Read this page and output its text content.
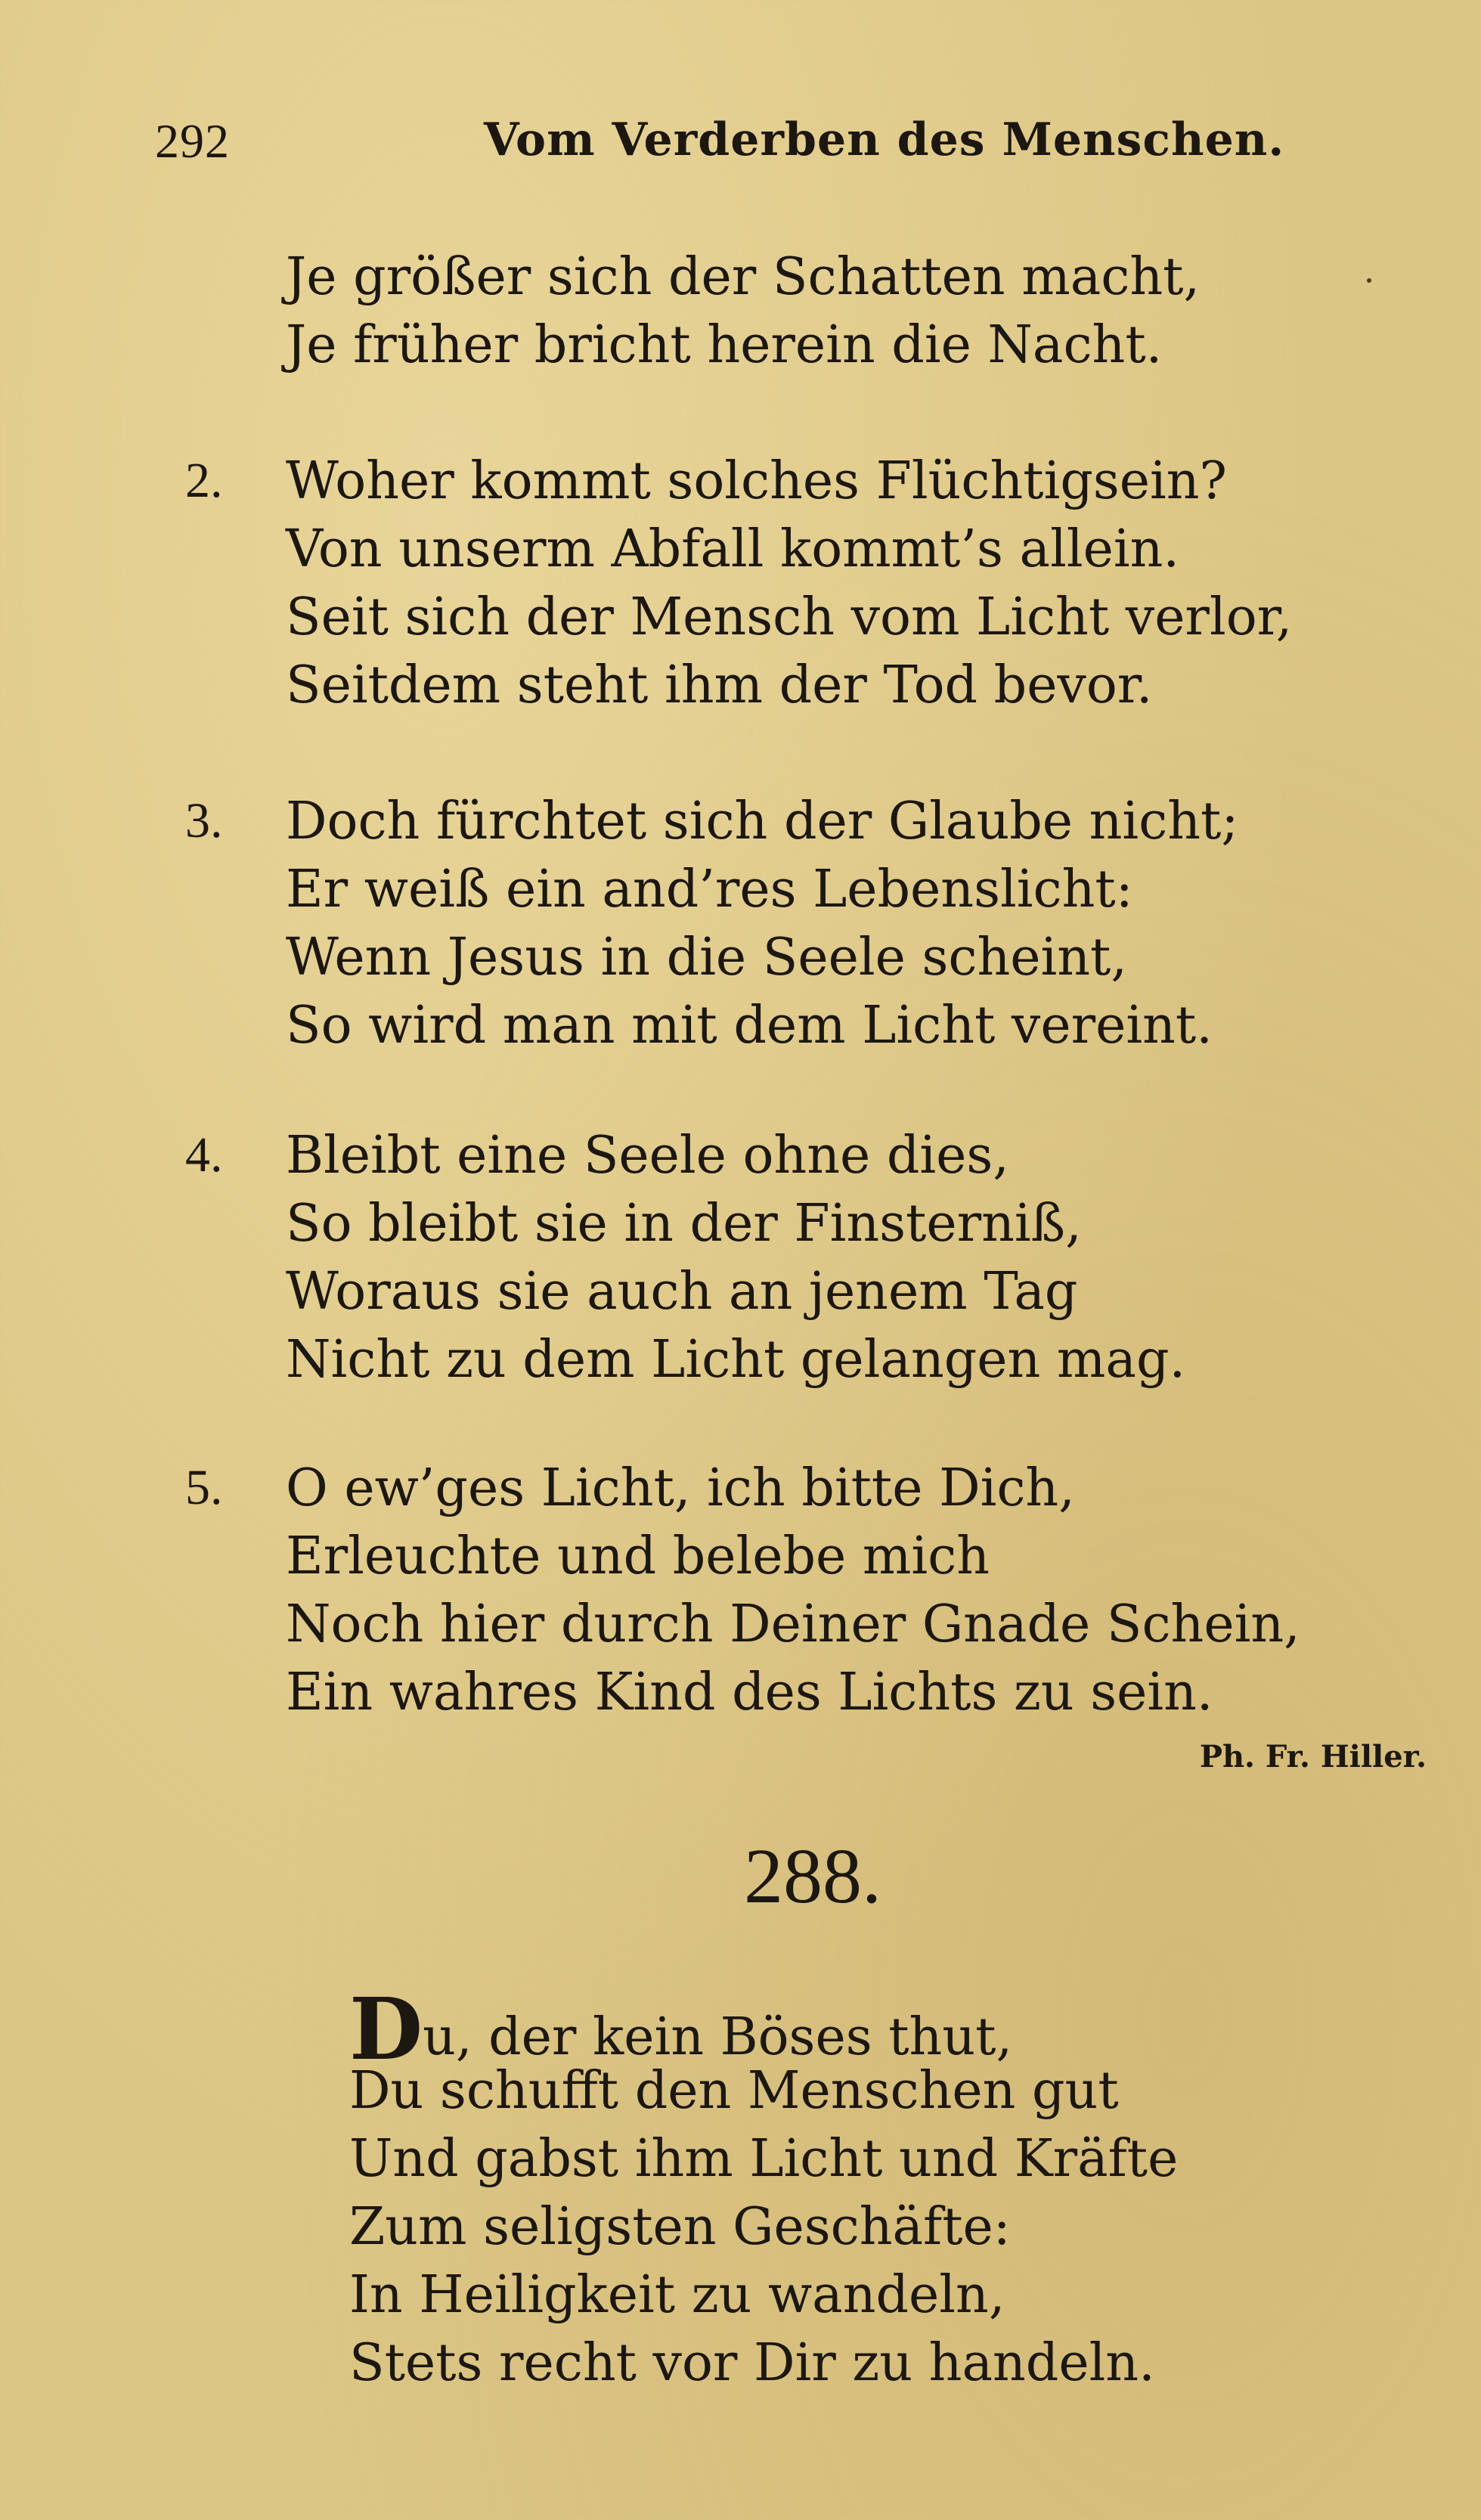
292	Vom Verderben des Menschen.
Je größer sich der Schatten macht,
Je früher bricht herein die Nacht.
2. Woher kommt solches Flüchtigsein?
Von unserm Abfall kommt’s allein.
Seit sich der Mensch vom Licht verlor,
Seitdem steht ihm der Tod bevor.
3. Doch fürchtet sich der Glaube nicht;
Er weiß ein and’res Lebenslicht:
Wenn Jesus in die Seele scheint,
So wird man mit dem Licht vereint.
4. Bleibt eine Seele ohne dies,
So bleibt sie in der Finsterniß,
Woraus sie auch an jenem Tag
Nicht zu dem Licht gelangen mag.
5. O ew’ges Licht, ich bitte Dich,
Erleuchte und belebe mich
Noch hier durch Deiner Gnade Schein,
Ein wahres Kind des Lichts zu sein.
Ph. Fr. Hiller.
288.
Du, der kein Böses thut,
Du schufft den Menschen gut
Und gabst ihm Licht und Kräfte
Zum seligsten Geschäfte:
In Heiligkeit zu wandeln,
Stets recht vor Dir zu handeln.
